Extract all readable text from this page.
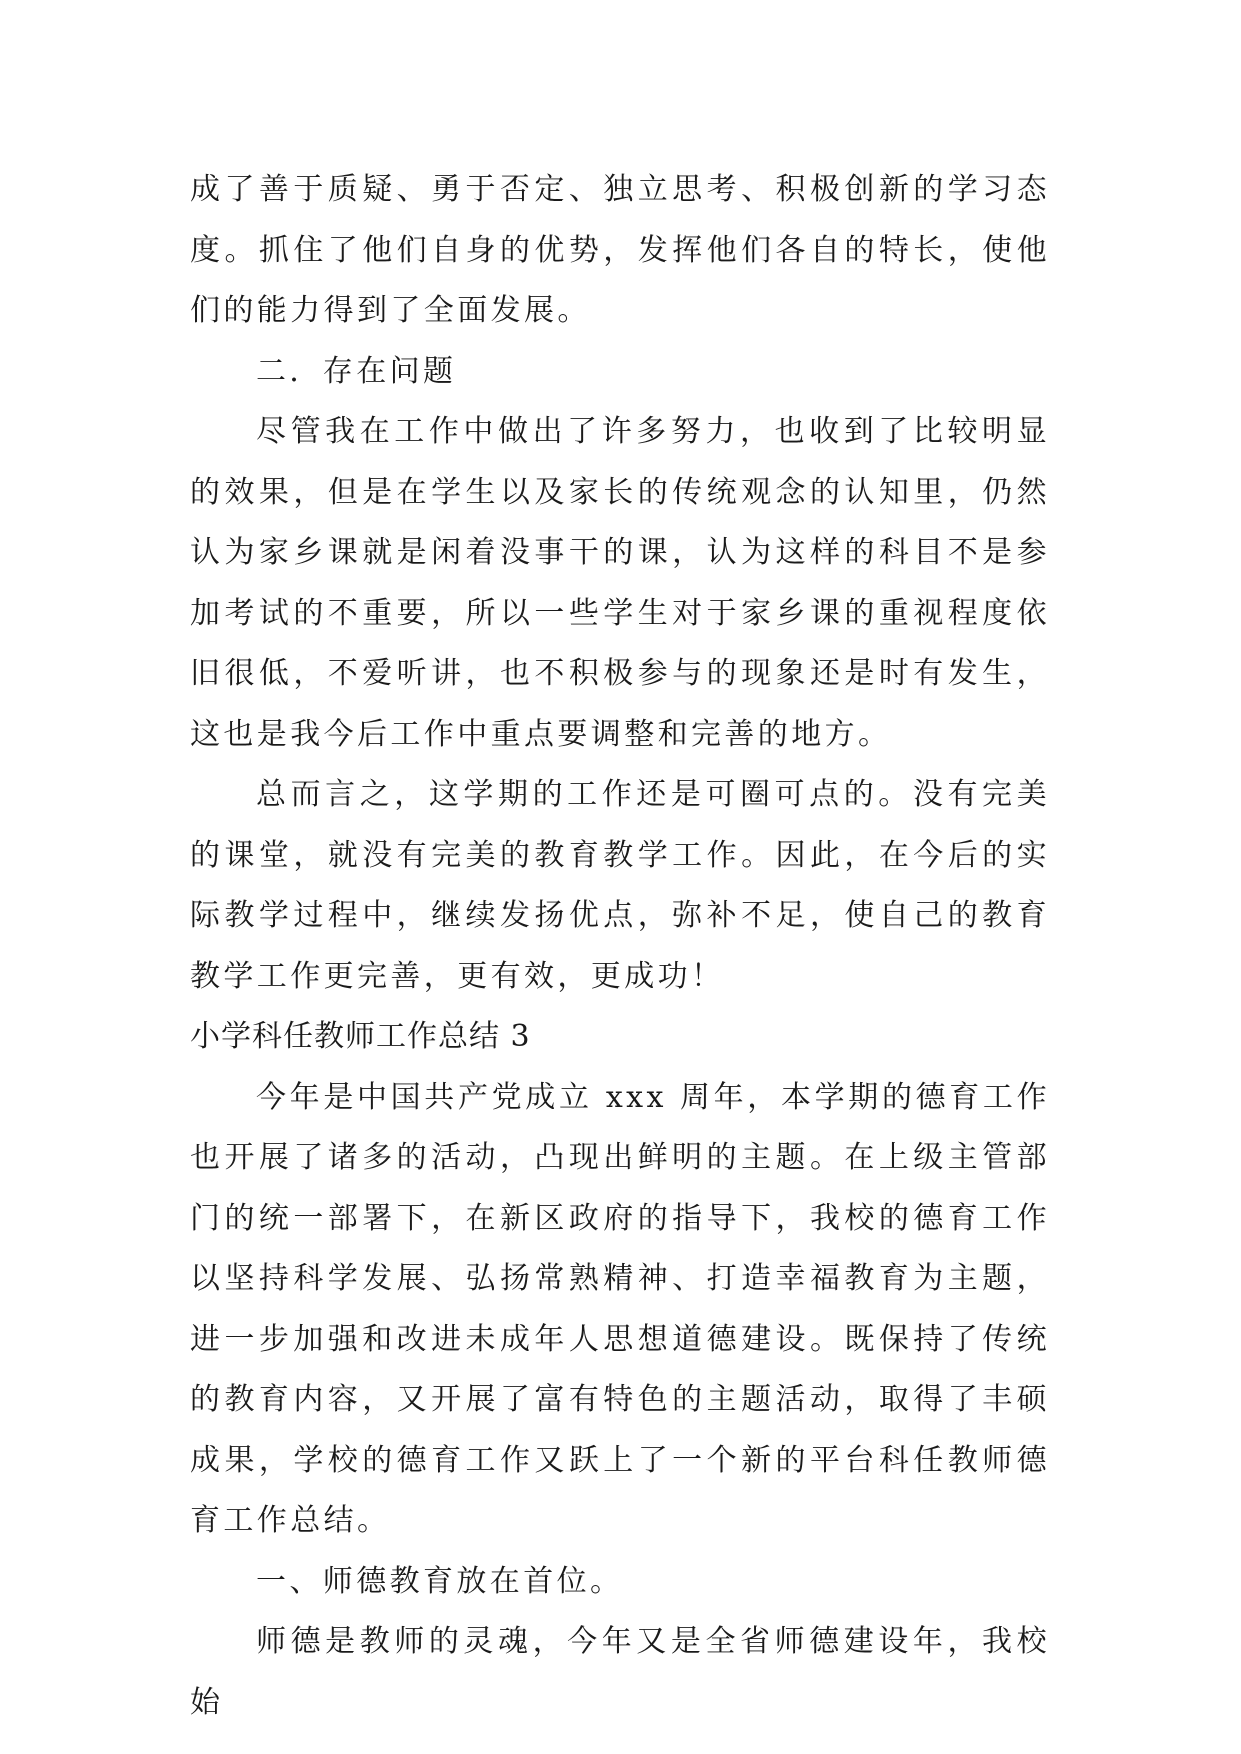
成了善于质疑、勇于否定、独立思考、积极创新的学习态度。抓住了他们自身的优势，发挥他们各自的特长，使他们的能力得到了全面发展。

二．存在问题

尽管我在工作中做出了许多努力，也收到了比较明显的效果，但是在学生以及家长的传统观念的认知里，仍然认为家乡课就是闲着没事干的课，认为这样的科目不是参加考试的不重要，所以一些学生对于家乡课的重视程度依旧很低，不爱听讲，也不积极参与的现象还是时有发生，这也是我今后工作中重点要调整和完善的地方。

总而言之，这学期的工作还是可圈可点的。没有完美的课堂，就没有完美的教育教学工作。因此，在今后的实际教学过程中，继续发扬优点，弥补不足，使自己的教育教学工作更完善，更有效，更成功！

小学科任教师工作总结 3

今年是中国共产党成立 xxx 周年，本学期的德育工作也开展了诸多的活动，凸现出鲜明的主题。在上级主管部门的统一部署下，在新区政府的指导下，我校的德育工作以坚持科学发展、弘扬常熟精神、打造幸福教育为主题，进一步加强和改进未成年人思想道德建设。既保持了传统的教育内容，又开展了富有特色的主题活动，取得了丰硕成果，学校的德育工作又跃上了一个新的平台科任教师德育工作总结。

一、师德教育放在首位。

师德是教师的灵魂，今年又是全省师德建设年，我校始
